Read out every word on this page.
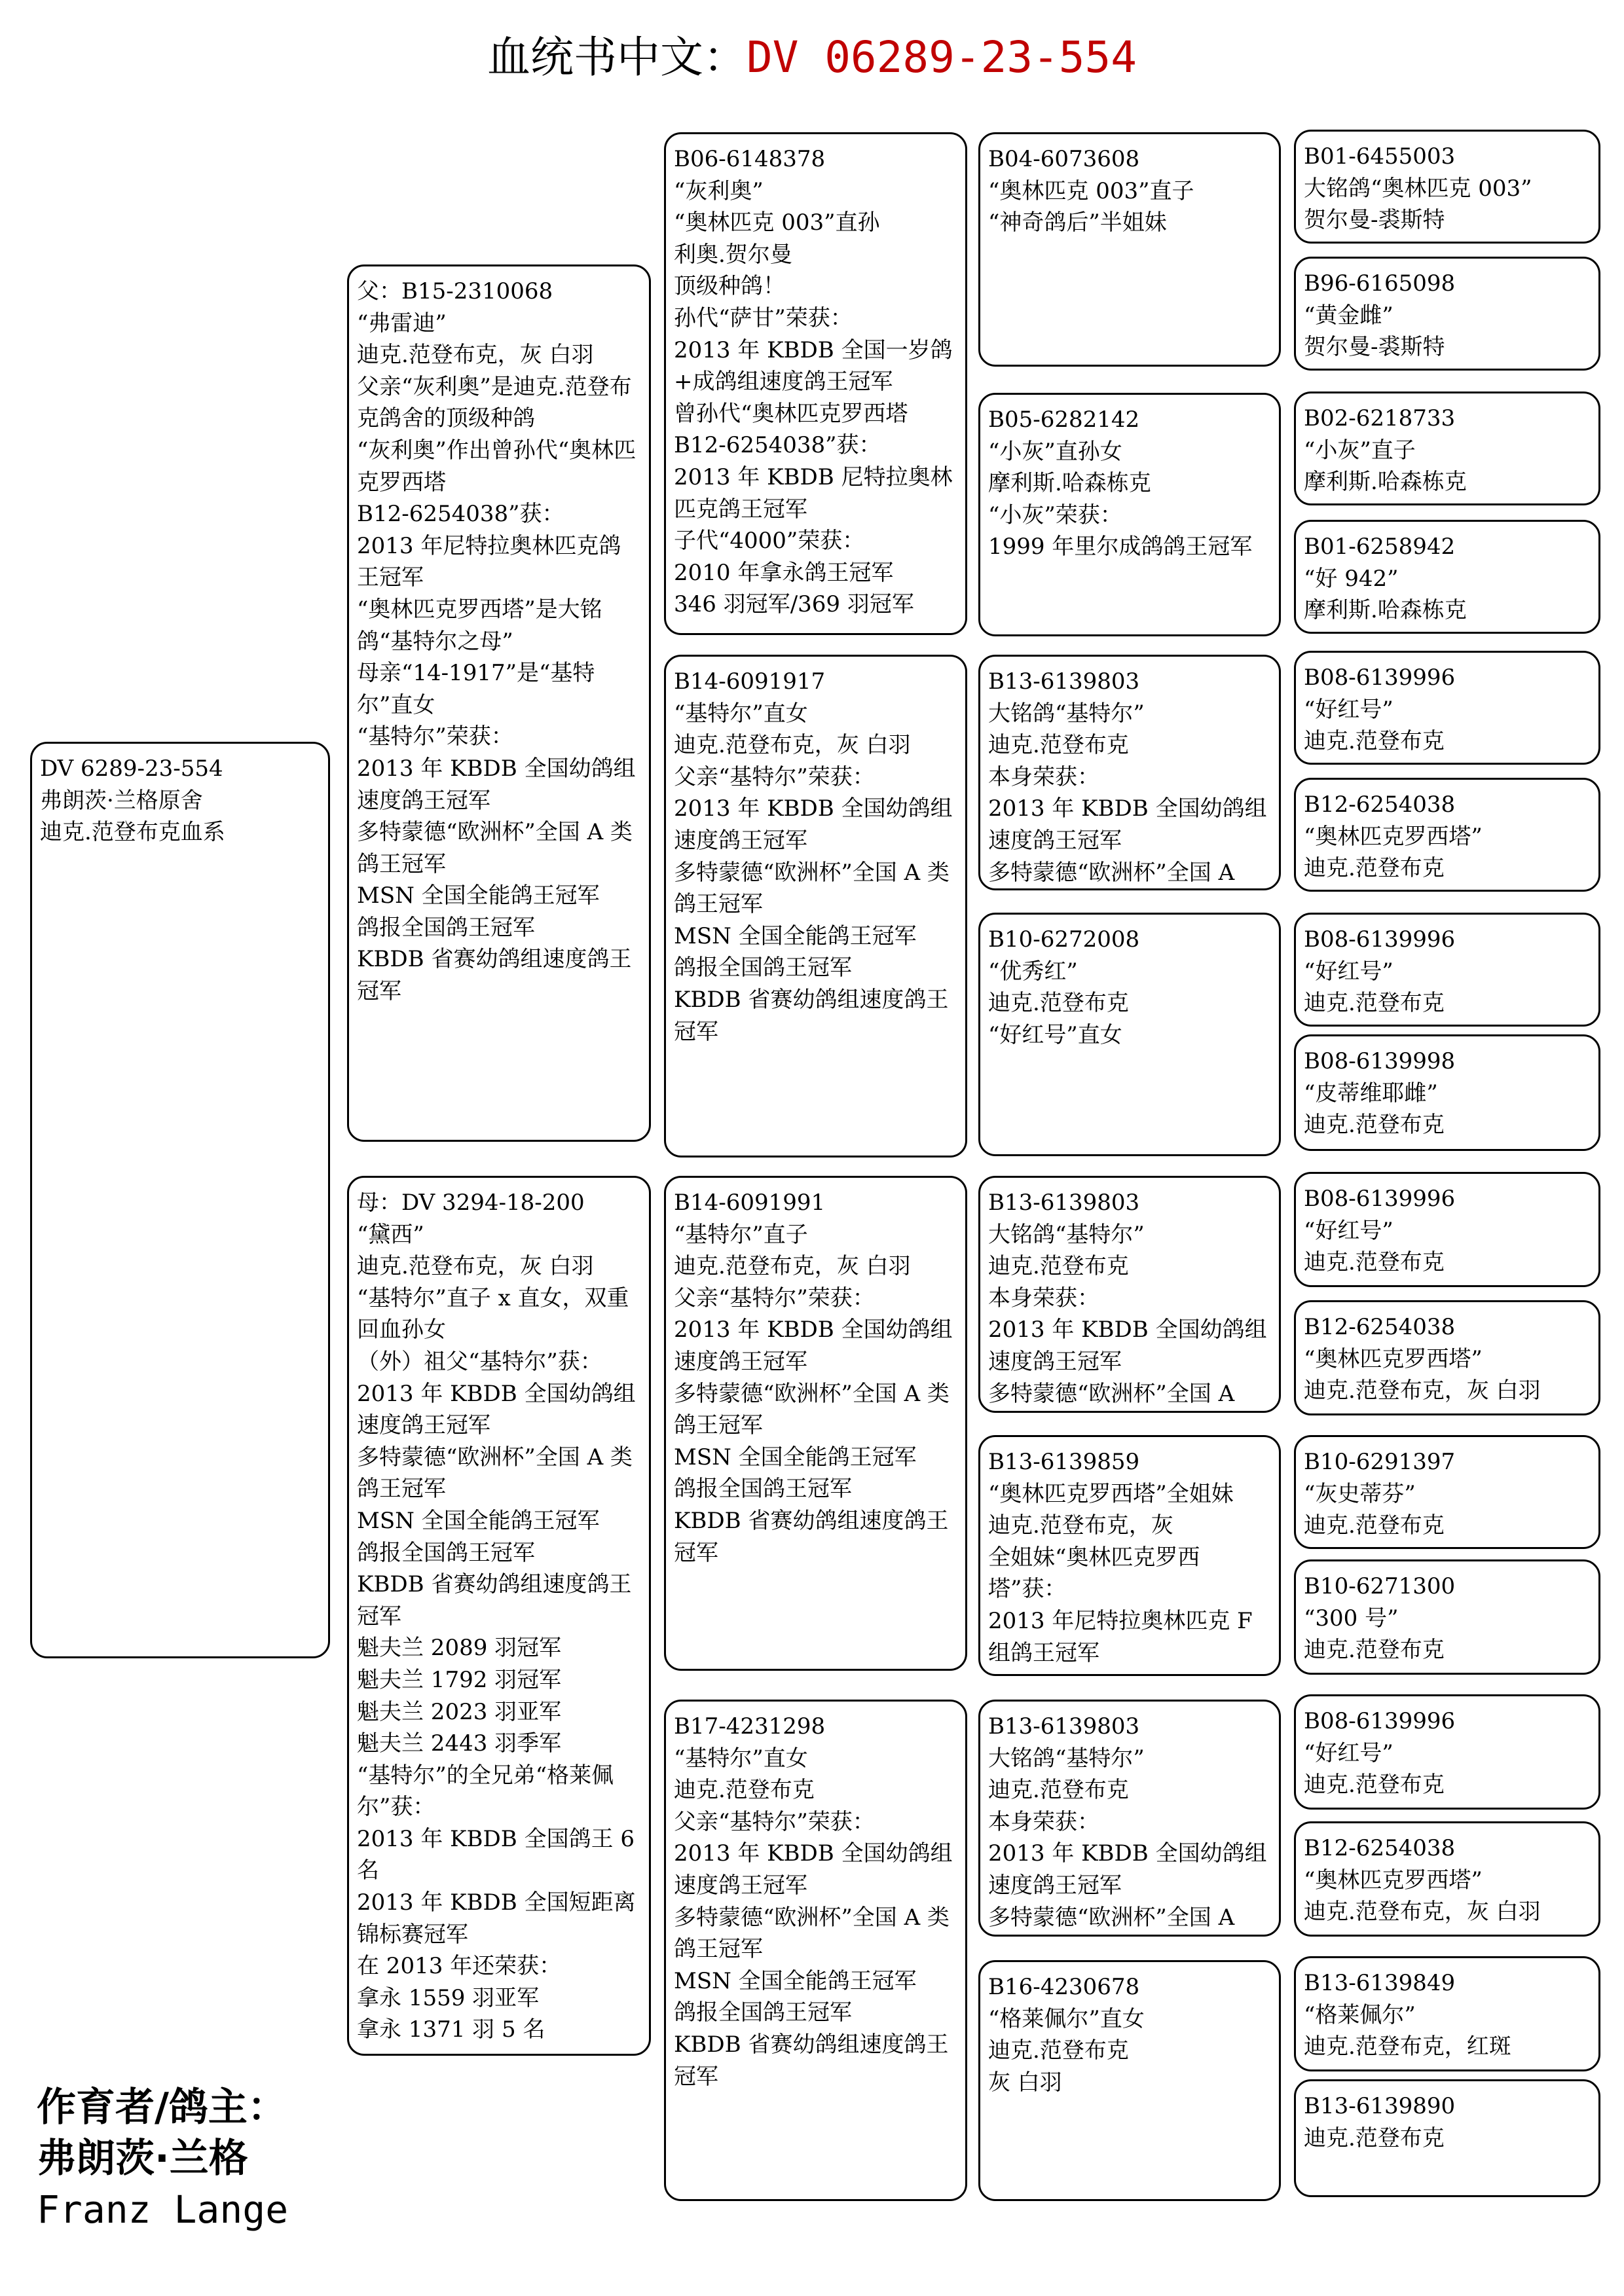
血统书中文：DV 06289-23-554
DV 6289-23-554
弗朗茨·兰格原舍
迪克.范登布克血系
父：B15-2310068
“弗雷迪”
迪克.范登布克，灰 白羽
父亲“灰利奥”是迪克.范登布克鸽舍的顶级种鸽
“灰利奥”作出曾孙代“奥林匹克罗西塔
B12-6254038”获：
2013 年尼特拉奥林匹克鸽王冠军
“奥林匹克罗西塔”是大铭鸽“基特尔之母”
母亲“14-1917”是“基特尔”直女
“基特尔”荣获：
2013 年 KBDB 全国幼鸽组速度鸽王冠军
多特蒙德“欧洲杯”全国 A 类鸽王冠军
MSN 全国全能鸽王冠军
鸽报全国鸽王冠军
KBDB 省赛幼鸽组速度鸽王冠军
母：DV 3294-18-200
“黛西”
迪克.范登布克，灰 白羽
“基特尔”直子 x 直女，双重回血孙女
（外）祖父“基特尔”获：
2013 年 KBDB 全国幼鸽组速度鸽王冠军
多特蒙德“欧洲杯”全国 A 类鸽王冠军
MSN 全国全能鸽王冠军
鸽报全国鸽王冠军
KBDB 省赛幼鸽组速度鸽王冠军
魁夫兰 2089 羽冠军
魁夫兰 1792 羽冠军
魁夫兰 2023 羽亚军
魁夫兰 2443 羽季军
“基特尔”的全兄弟“格莱佩尔”获：
2013 年 KBDB 全国鸽王 6 名
2013 年 KBDB 全国短距离锦标赛冠军
在 2013 年还荣获：
拿永 1559 羽亚军
拿永 1371 羽 5 名
B06-6148378
“灰利奥”
“奥林匹克 003”直孙
利奥.贺尔曼
顶级种鸽！
孙代“萨甘”荣获：
2013 年 KBDB 全国一岁鸽+成鸽组速度鸽王冠军
曾孙代“奥林匹克罗西塔
B12-6254038”获：
2013 年 KBDB 尼特拉奥林匹克鸽王冠军
子代“4000”荣获：
2010 年拿永鸽王冠军
346 羽冠军/369 羽冠军
B14-6091917
“基特尔”直女
迪克.范登布克，灰 白羽
父亲“基特尔”荣获：
2013 年 KBDB 全国幼鸽组速度鸽王冠军
多特蒙德“欧洲杯”全国 A 类鸽王冠军
MSN 全国全能鸽王冠军
鸽报全国鸽王冠军
KBDB 省赛幼鸽组速度鸽王冠军
B14-6091991
“基特尔”直子
迪克.范登布克，灰 白羽
父亲“基特尔”荣获：
2013 年 KBDB 全国幼鸽组速度鸽王冠军
多特蒙德“欧洲杯”全国 A 类鸽王冠军
MSN 全国全能鸽王冠军
鸽报全国鸽王冠军
KBDB 省赛幼鸽组速度鸽王冠军
B17-4231298
“基特尔”直女
迪克.范登布克
父亲“基特尔”荣获：
2013 年 KBDB 全国幼鸽组速度鸽王冠军
多特蒙德“欧洲杯”全国 A 类鸽王冠军
MSN 全国全能鸽王冠军
鸽报全国鸽王冠军
KBDB 省赛幼鸽组速度鸽王冠军
B04-6073608
“奥林匹克 003”直子
“神奇鸽后”半姐妹
B05-6282142
“小灰”直孙女
摩利斯.哈森栋克
“小灰”荣获：
1999 年里尔成鸽鸽王冠军
B13-6139803
大铭鸽“基特尔”
迪克.范登布克
本身荣获：
2013 年 KBDB 全国幼鸽组速度鸽王冠军
多特蒙德“欧洲杯”全国 A
B10-6272008
“优秀红”
迪克.范登布克
“好红号”直女
B13-6139803
大铭鸽“基特尔”
迪克.范登布克
本身荣获：
2013 年 KBDB 全国幼鸽组速度鸽王冠军
多特蒙德“欧洲杯”全国 A
B13-6139859
“奥林匹克罗西塔”全姐妹
迪克.范登布克，灰
全姐妹“奥林匹克罗西塔”获：
2013 年尼特拉奥林匹克 F 组鸽王冠军
B13-6139803
大铭鸽“基特尔”
迪克.范登布克
本身荣获：
2013 年 KBDB 全国幼鸽组速度鸽王冠军
多特蒙德“欧洲杯”全国 A
B16-4230678
“格莱佩尔”直女
迪克.范登布克
灰 白羽
B01-6455003
大铭鸽“奥林匹克 003”
贺尔曼-裘斯特
B96-6165098
“黄金雌”
贺尔曼-裘斯特
B02-6218733
“小灰”直子
摩利斯.哈森栋克
B01-6258942
“好 942”
摩利斯.哈森栋克
B08-6139996
“好红号”
迪克.范登布克
B12-6254038
“奥林匹克罗西塔”
迪克.范登布克
B08-6139996
“好红号”
迪克.范登布克
B08-6139998
“皮蒂维耶雌”
迪克.范登布克
B08-6139996
“好红号”
迪克.范登布克
B12-6254038
“奥林匹克罗西塔”
迪克.范登布克，灰 白羽
B10-6291397
“灰史蒂芬”
迪克.范登布克
B10-6271300
“300 号”
迪克.范登布克
B08-6139996
“好红号”
迪克.范登布克
B12-6254038
“奥林匹克罗西塔”
迪克.范登布克，灰 白羽
B13-6139849
“格莱佩尔”
迪克.范登布克，红斑
B13-6139890
迪克.范登布克
作育者/鸽主：
弗朗茨·兰格
Franz Lange
